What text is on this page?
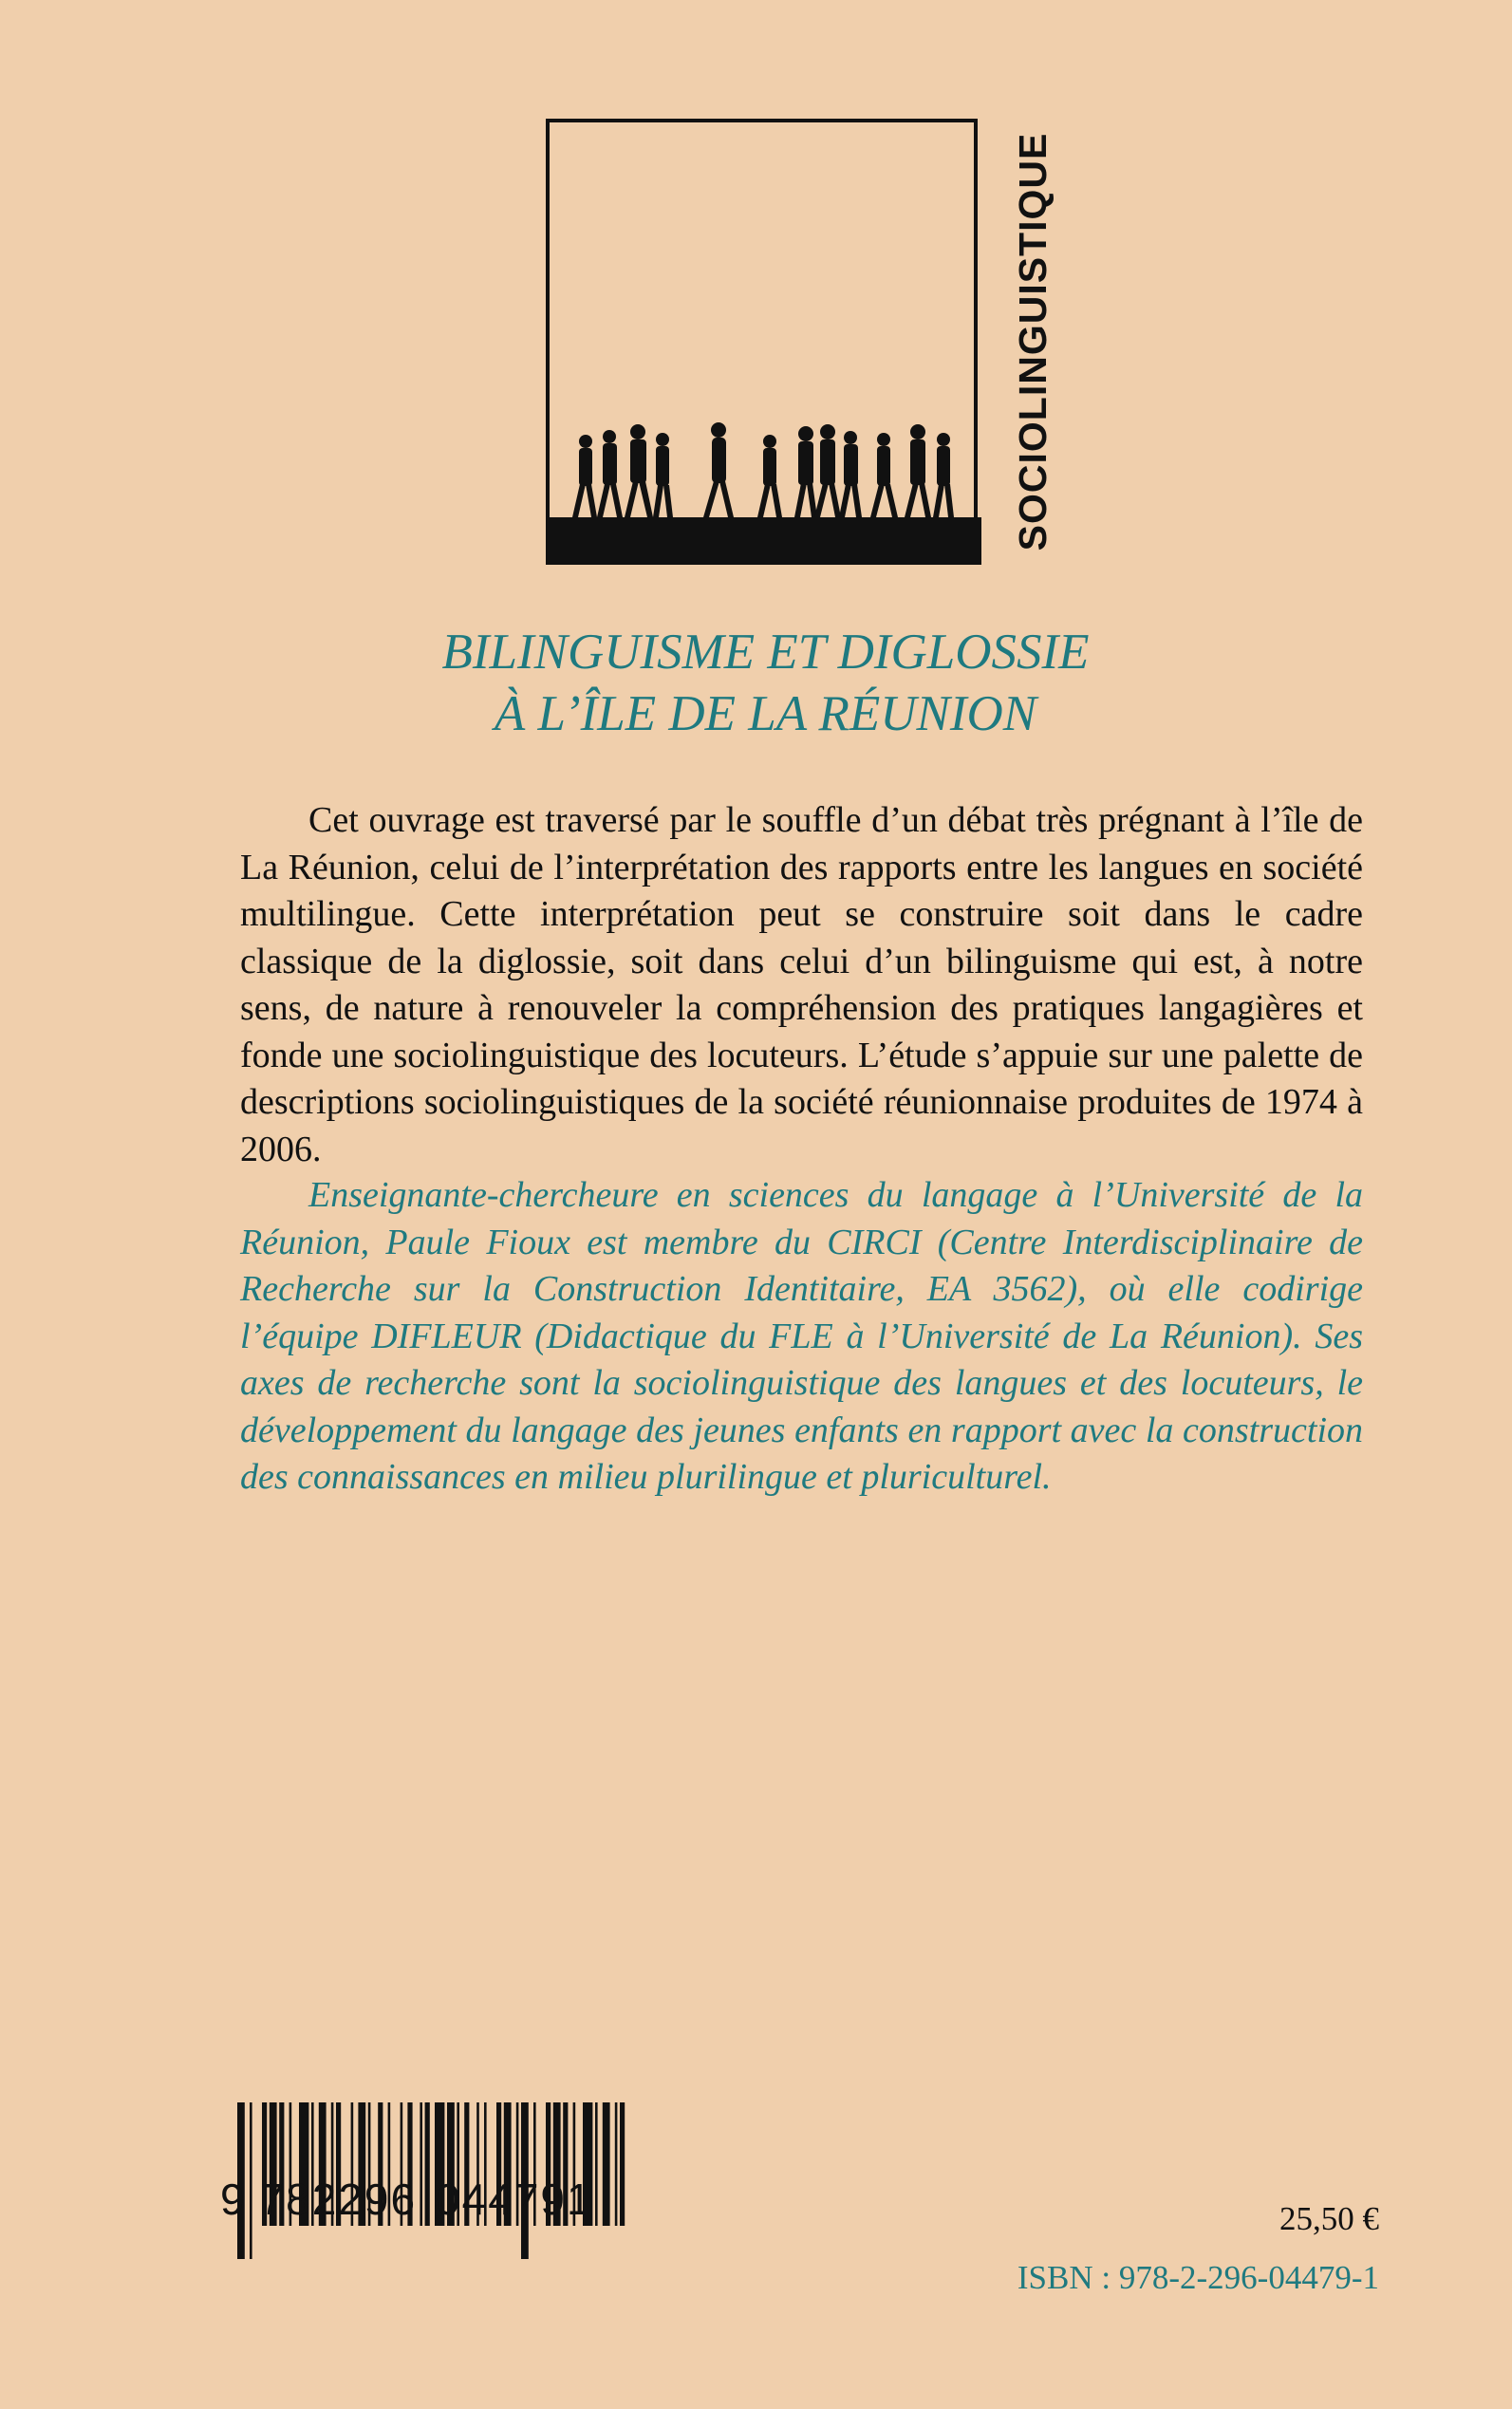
SOCIOLINGUISTIQUE
BILINGUISME ET DIGLOSSIE
À L’ÎLE DE LA RÉUNION

Cet ouvrage est traversé par le souffle d’un débat très prégnant à l’île de La Réunion, celui de l’interprétation des rapports entre les langues en société multilingue. Cette interprétation peut se construire soit dans le cadre classique de la diglossie, soit dans celui d’un bilinguisme qui est, à notre sens, de nature à renouveler la compréhension des pratiques langagières et fonde une sociolinguistique des locuteurs. L’étude s’appuie sur une palette de descriptions sociolinguistiques de la société réunionnaise produites de 1974 à 2006.

Enseignante-chercheure en sciences du langage à l’Université de la Réunion, Paule Fioux est membre du CIRCI (Centre Interdisciplinaire de Recherche sur la Construction Identitaire, EA 3562), où elle codirige l’équipe DIFLEUR (Didactique du FLE à l’Université de La Réunion). Ses axes de recherche sont la sociolinguistique des langues et des locuteurs, le développement du langage des jeunes enfants en rapport avec la construction des connaissances en milieu plurilingue et pluriculturel.

9 782296 044791	25,50 €
ISBN : 978-2-296-04479-1
